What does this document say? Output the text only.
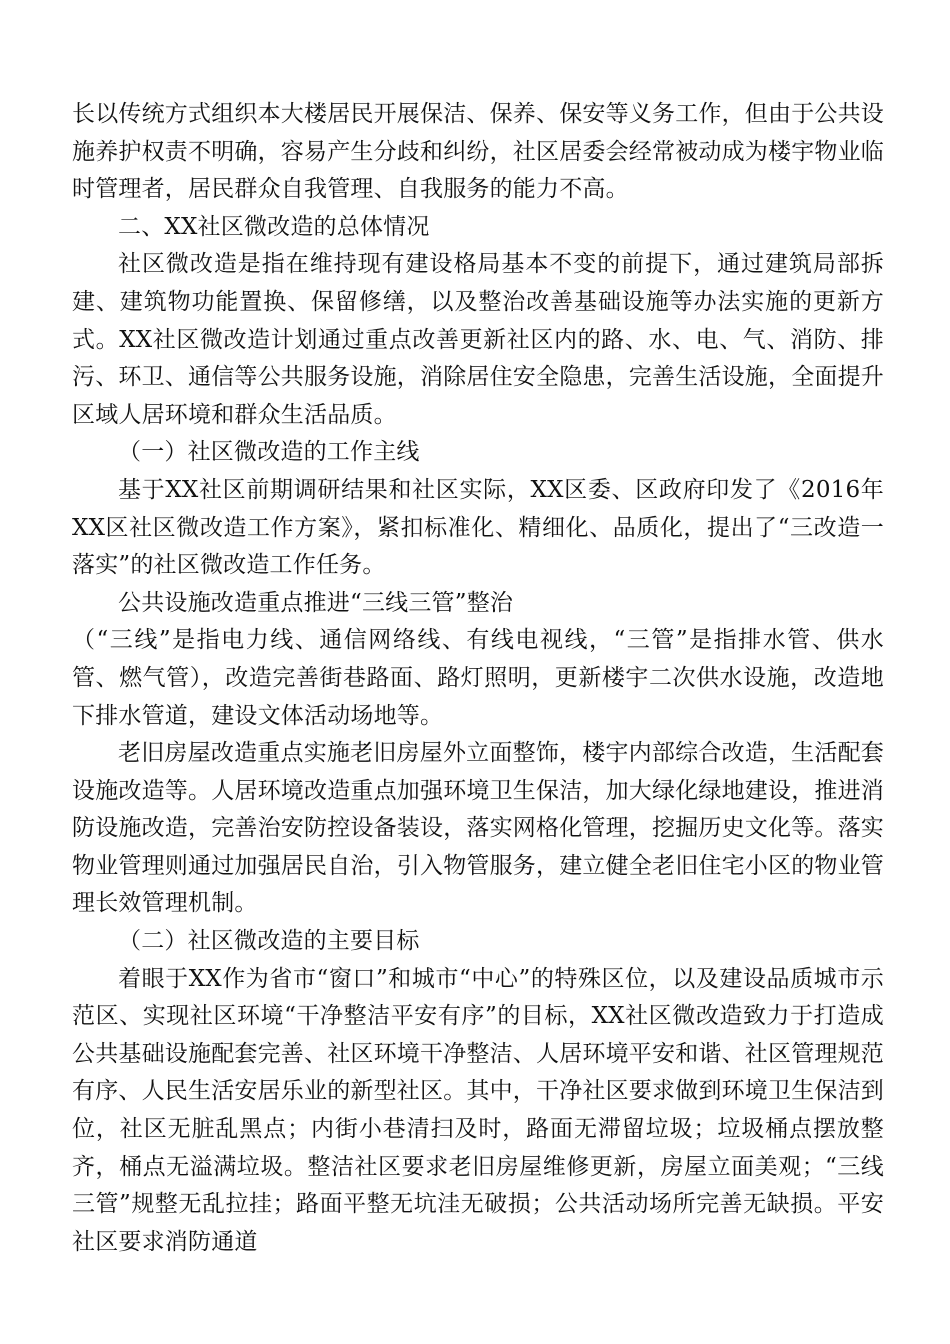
长以传统方式组织本大楼居民开展保洁、保养、保安等义务工作，但由于公共设施养护权责不明确，容易产生分歧和纠纷，社区居委会经常被动成为楼宇物业临时管理者，居民群众自我管理、自我服务的能力不高。

二、XX社区微改造的总体情况

社区微改造是指在维持现有建设格局基本不变的前提下，通过建筑局部拆建、建筑物功能置换、保留修缮，以及整治改善基础设施等办法实施的更新方式。XX社区微改造计划通过重点改善更新社区内的路、水、电、气、消防、排污、环卫、通信等公共服务设施，消除居住安全隐患，完善生活设施，全面提升区域人居环境和群众生活品质。

（一）社区微改造的工作主线

基于XX社区前期调研结果和社区实际，XX区委、区政府印发了《2016年XX区社区微改造工作方案》，紧扣标准化、精细化、品质化，提出了“三改造一落实”的社区微改造工作任务。

公共设施改造重点推进“三线三管”整治

（“三线”是指电力线、通信网络线、有线电视线，“三管”是指排水管、供水管、燃气管），改造完善街巷路面、路灯照明，更新楼宇二次供水设施，改造地下排水管道，建设文体活动场地等。

老旧房屋改造重点实施老旧房屋外立面整饰，楼宇内部综合改造，生活配套设施改造等。人居环境改造重点加强环境卫生保洁，加大绿化绿地建设，推进消防设施改造，完善治安防控设备装设，落实网格化管理，挖掘历史文化等。落实物业管理则通过加强居民自治，引入物管服务，建立健全老旧住宅小区的物业管理长效管理机制。

（二）社区微改造的主要目标

着眼于XX作为省市“窗口”和城市“中心”的特殊区位，以及建设品质城市示范区、实现社区环境“干净整洁平安有序”的目标，XX社区微改造致力于打造成公共基础设施配套完善、社区环境干净整洁、人居环境平安和谐、社区管理规范有序、人民生活安居乐业的新型社区。其中，干净社区要求做到环境卫生保洁到位，社区无脏乱黑点；内街小巷清扫及时，路面无滞留垃圾；垃圾桶点摆放整齐，桶点无溢满垃圾。整洁社区要求老旧房屋维修更新，房屋立面美观；“三线三管”规整无乱拉挂；路面平整无坑洼无破损；公共活动场所完善无缺损。平安社区要求消防通道
